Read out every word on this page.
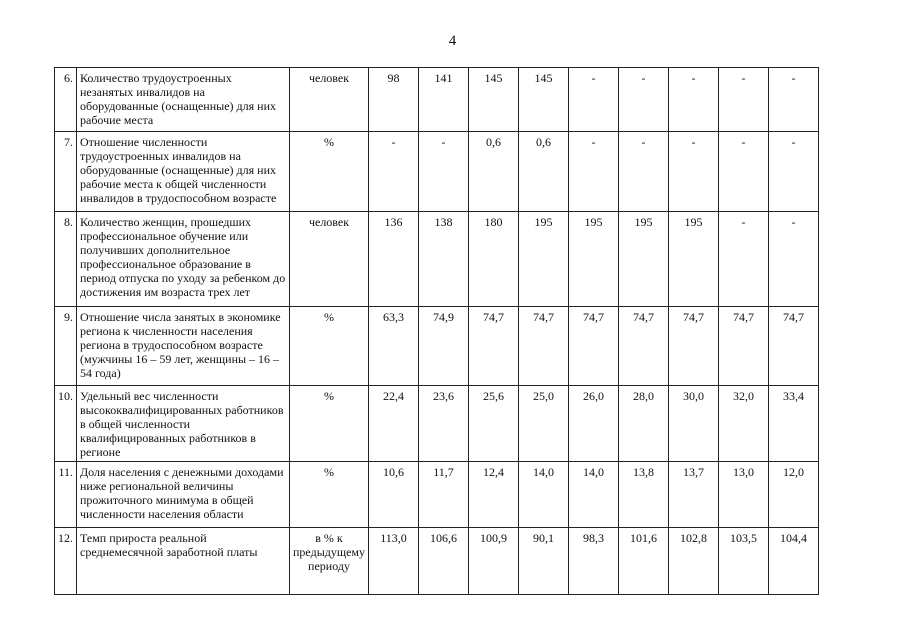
4
6.	Количество трудоустроенных незанятых инвалидов на оборудованные (оснащенные) для них рабочие места	человек	98	141	145	145	-	-	-	-	-
7.	Отношение численности трудоустроенных инвалидов на оборудованные (оснащенные) для них рабочие места к общей численности инвалидов в трудоспособном возрасте	%	-	-	0,6	0,6	-	-	-	-	-
8.	Количество женщин, прошедших профессиональное обучение или получивших дополнительное профессиональное образование в период отпуска по уходу за ребенком до достижения им возраста трех лет	человек	136	138	180	195	195	195	195	-	-
9.	Отношение числа занятых в экономике региона к численности населения региона в трудоспособном возрасте (мужчины 16 – 59 лет, женщины – 16 – 54 года)	%	63,3	74,9	74,7	74,7	74,7	74,7	74,7	74,7	74,7
10.	Удельный вес численности высококвалифицированных работников в общей численности квалифицированных работников в регионе	%	22,4	23,6	25,6	25,0	26,0	28,0	30,0	32,0	33,4
11.	Доля населения с денежными доходами ниже региональной величины прожиточного минимума в общей численности населения области	%	10,6	11,7	12,4	14,0	14,0	13,8	13,7	13,0	12,0
12.	Темп прироста реальной среднемесячной заработной платы	в % к предыдущему периоду	113,0	106,6	100,9	90,1	98,3	101,6	102,8	103,5	104,4
